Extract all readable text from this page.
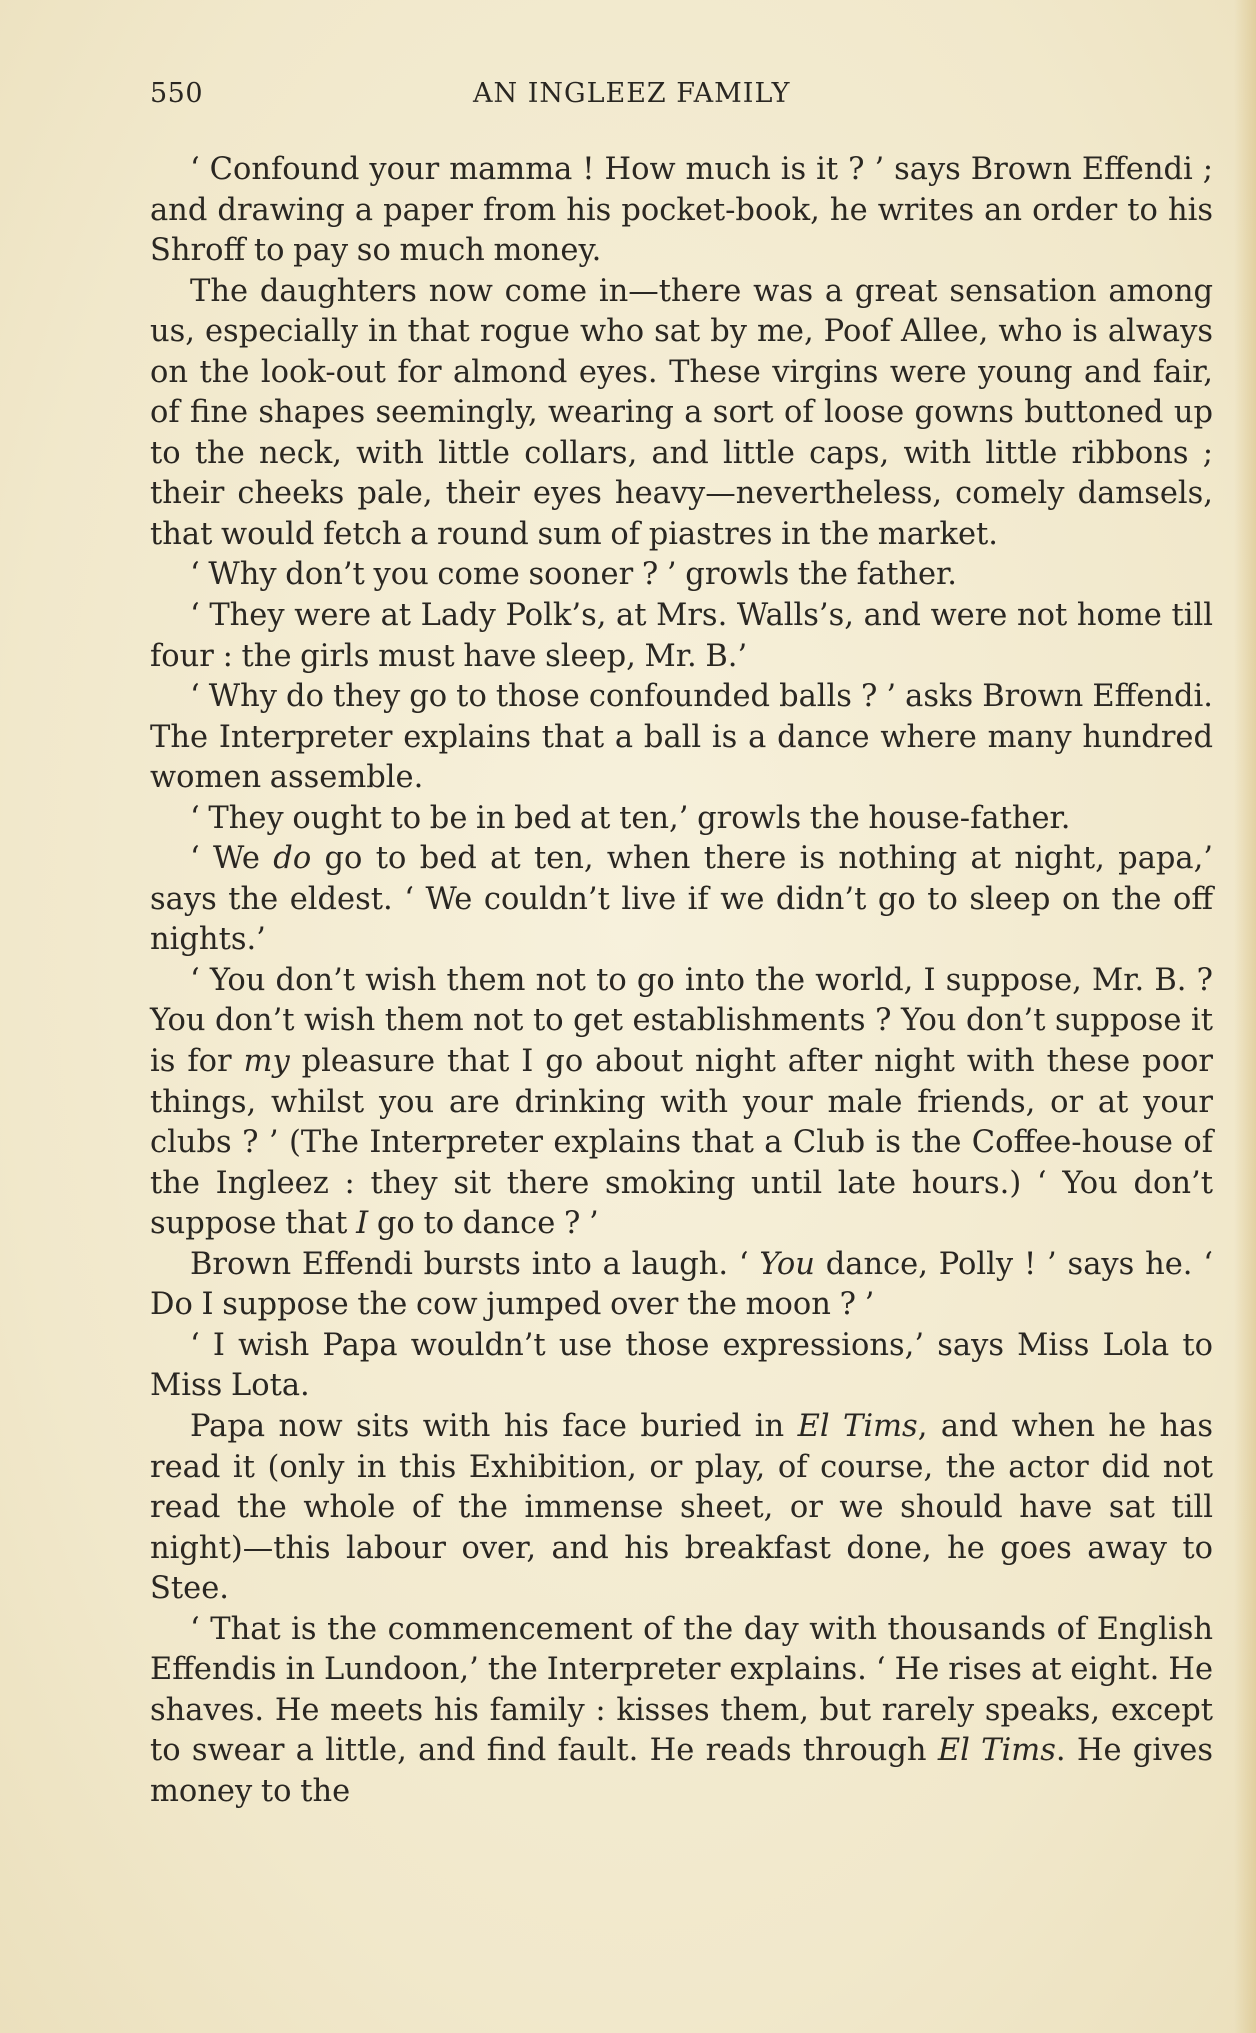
550	AN INGLEEZ FAMILY

‘ Confound your mamma ! How much is it ? ’ says Brown Effendi ; and drawing a paper from his pocket-book, he writes an order to his Shroff to pay so much money.

The daughters now come in—there was a great sensation among us, especially in that rogue who sat by me, Poof Allee, who is always on the look-out for almond eyes. These virgins were young and fair, of fine shapes seemingly, wearing a sort of loose gowns buttoned up to the neck, with little collars, and little caps, with little ribbons ; their cheeks pale, their eyes heavy—nevertheless, comely damsels, that would fetch a round sum of piastres in the market.

‘ Why don’t you come sooner ? ’ growls the father.

‘ They were at Lady Polk’s, at Mrs. Walls’s, and were not home till four : the girls must have sleep, Mr. B.’

‘ Why do they go to those confounded balls ? ’ asks Brown Effendi. The Interpreter explains that a ball is a dance where many hundred women assemble.

‘ They ought to be in bed at ten,’ growls the house-father.

‘ We do go to bed at ten, when there is nothing at night, papa,’ says the eldest. ‘ We couldn’t live if we didn’t go to sleep on the off nights.’

‘ You don’t wish them not to go into the world, I suppose, Mr. B. ? You don’t wish them not to get establishments ? You don’t suppose it is for my pleasure that I go about night after night with these poor things, whilst you are drinking with your male friends, or at your clubs ? ’ (The Interpreter explains that a Club is the Coffee-house of the Ingleez : they sit there smoking until late hours.) ‘ You don’t suppose that I go to dance ? ’

Brown Effendi bursts into a laugh. ‘ You dance, Polly ! ’ says he. ‘ Do I suppose the cow jumped over the moon ? ’

‘ I wish Papa wouldn’t use those expressions,’ says Miss Lola to Miss Lota.

Papa now sits with his face buried in El Tims, and when he has read it (only in this Exhibition, or play, of course, the actor did not read the whole of the immense sheet, or we should have sat till night)—this labour over, and his breakfast done, he goes away to Stee.

‘ That is the commencement of the day with thousands of English Effendis in Lundoon,’ the Interpreter explains. ‘ He rises at eight. He shaves. He meets his family : kisses them, but rarely speaks, except to swear a little, and find fault. He reads through El Tims. He gives money to the
